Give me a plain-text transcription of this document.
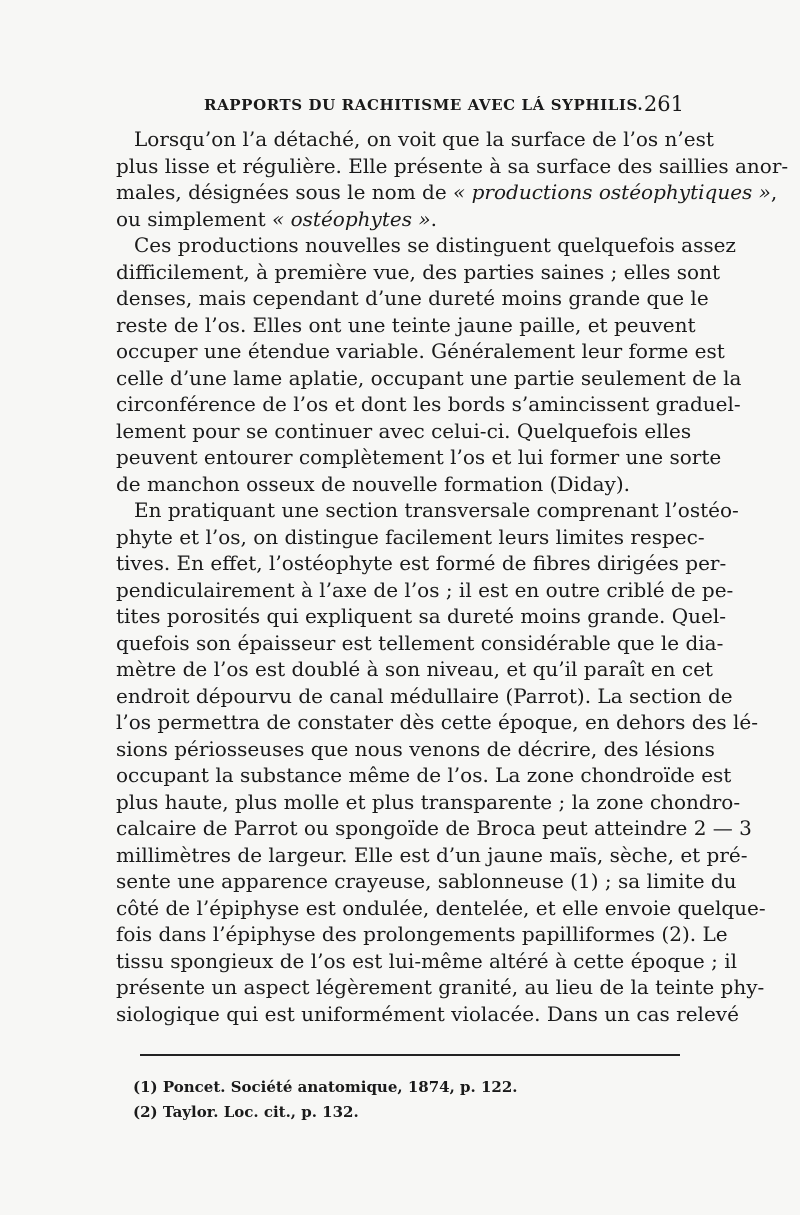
RAPPORTS DU RACHITISME AVEC LÁ SYPHILIS. 261
Lorsqu’on l’a détaché, on voit que la surface de l’os n’est
plus lisse et régulière. Elle présente à sa surface des saillies anor-
males, désignées sous le nom de « productions ostéophytiques »,
ou simplement « ostéophytes ».
Ces productions nouvelles se distinguent quelquefois assez
difficilement, à première vue, des parties saines ; elles sont
denses, mais cependant d’une dureté moins grande que le
reste de l’os. Elles ont une teinte jaune paille, et peuvent
occuper une étendue variable. Généralement leur forme est
celle d’une lame aplatie, occupant une partie seulement de la
circonférence de l’os et dont les bords s’amincissent graduel-
lement pour se continuer avec celui-ci. Quelquefois elles
peuvent entourer complètement l’os et lui former une sorte
de manchon osseux de nouvelle formation (Diday).
En pratiquant une section transversale comprenant l’ostéo-
phyte et l’os, on distingue facilement leurs limites respec-
tives. En effet, l’ostéophyte est formé de fibres dirigées per-
pendiculairement à l’axe de l’os ; il est en outre criblé de pe-
tites porosités qui expliquent sa dureté moins grande. Quel-
quefois son épaisseur est tellement considérable que le dia-
mètre de l’os est doublé à son niveau, et qu’il paraît en cet
endroit dépourvu de canal médullaire (Parrot). La section de
l’os permettra de constater dès cette époque, en dehors des lé-
sions périosseuses que nous venons de décrire, des lésions
occupant la substance même de l’os. La zone chondroïde est
plus haute, plus molle et plus transparente ; la zone chondro-
calcaire de Parrot ou spongoïde de Broca peut atteindre 2 — 3
millimètres de largeur. Elle est d’un jaune maïs, sèche, et pré-
sente une apparence crayeuse, sablonneuse (1) ; sa limite du
côté de l’épiphyse est ondulée, dentelée, et elle envoie quelque-
fois dans l’épiphyse des prolongements papilliformes (2). Le
tissu spongieux de l’os est lui-même altéré à cette époque ; il
présente un aspect légèrement granité, au lieu de la teinte phy-
siologique qui est uniformément violacée. Dans un cas relevé
(1) Poncet. Société anatomique, 1874, p. 122.
(2) Taylor. Loc. cit., p. 132.
